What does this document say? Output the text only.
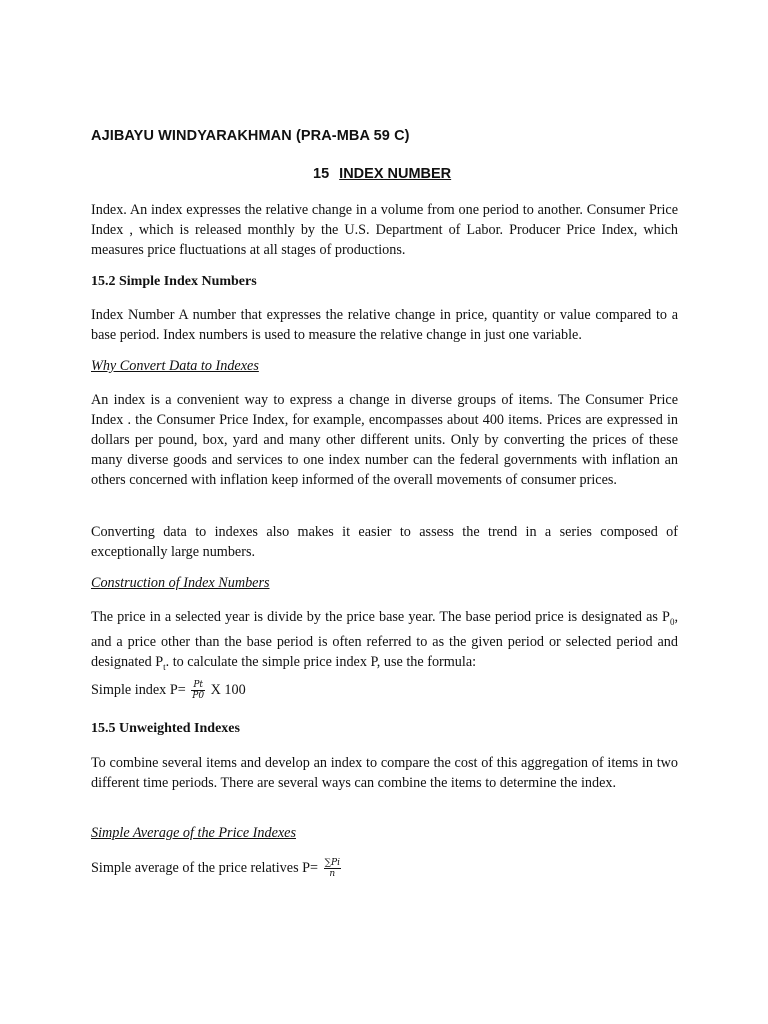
AJIBAYU WINDYARAKHMAN (PRA-MBA 59 C)
15 INDEX NUMBER

Index. An index expresses the relative change in a volume from one period to another. Consumer Price Index , which is released monthly by the U.S. Department of Labor. Producer Price Index, which measures price fluctuations at all stages of productions.

15.2 Simple Index Numbers

Index Number A number that expresses the relative change in price, quantity or value compared to a base period. Index numbers is used to measure the relative change in just one variable.

Why Convert Data to Indexes

An index is a convenient way to express a change in diverse groups of items. The Consumer Price Index . the Consumer Price Index, for example, encompasses about 400 items. Prices are expressed in dollars per pound, box, yard and many other different units. Only by converting the prices of these many diverse goods and services to one index number can the federal governments with inflation an others concerned with inflation keep informed of the overall movements of consumer prices.

Converting data to indexes also makes it easier to assess the trend in a series composed of exceptionally large numbers.

Construction of Index Numbers

The price in a selected year is divide by the price base year. The base period price is designated as $P_0$, and a price other than the base period is often referred to as the given period or selected period and designated $P_t$. to calculate the simple price index P, use the formula:

Simple index $P= \frac{Pt}{P0}$ X 100
15.5 Unweighted Indexes

To combine several items and develop an index to compare the cost of this aggregation of items in two different time periods. There are several ways can combine the items to determine the index.

Simple Average of the Price Indexes
Simple average of the price relatives $P= \frac{\sum Pi}{n}$
